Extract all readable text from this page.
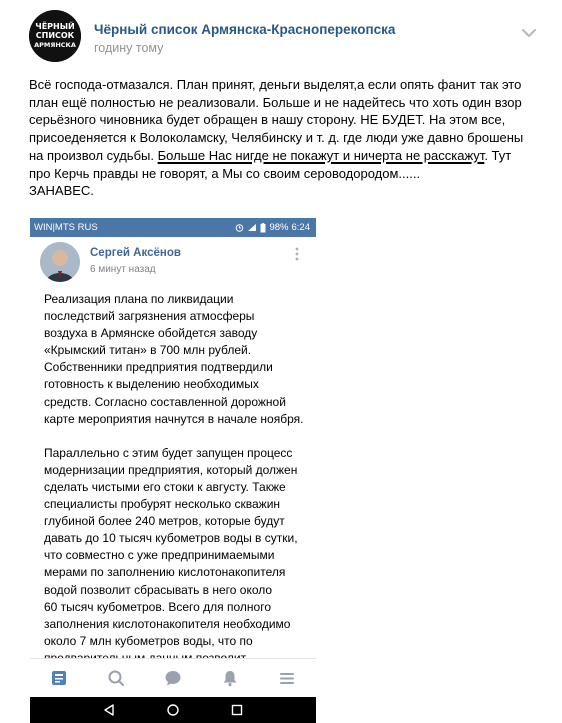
ЧЁРНЫЙ
СПИСОК
АРМЯНСКА
Чёрный список Армянска-Красноперекопска
годину тому

Всё господа-отмазался. План принят, деньги выделят,а если опять фанит так это

план ещё полностью не реализовали. Больше и не надейтесь что хоть один взор

серьёзного чиновника будет обращен в нашу сторону. НЕ БУДЕТ. На этом все,

присоеденяется к Волоколамску, Челябинску и т. д. где люди уже давно брошены

на произвол судьбы. Больше Нас нигде не покажут и ничерта не расскажут. Тут

про Керчь правды не говорят, а Мы со своим сероводородом......

ЗАНАВЕС.

WIN|MTS RUS	98% 6:24
Сергей Аксёнов
6 минут назад

Реализация плана по ликвидации

последствий загрязнения атмосферы

воздуха в Армянске обойдется заводу

«Крымский титан» в 700 млн рублей.

Собственники предприятия подтвердили

готовность к выделению необходимых

средств. Согласно составленной дорожной

карте мероприятия начнутся в начале ноября.

Параллельно с этим будет запущен процесс

модернизации предприятия, который должен

сделать чистыми его стоки к августу. Также

специалисты пробурят несколько скважин

глубиной более 240 метров, которые будут

давать до 10 тысяч кубометров воды в сутки,

что совместно с уже предпринимаемыми

мерами по заполнению кислотонакопителя

водой позволит сбрасывать в него около

60 тысяч кубометров. Всего для полного

заполнения кислотонакопителя необходимо

около 7 млн кубометров воды, что по
